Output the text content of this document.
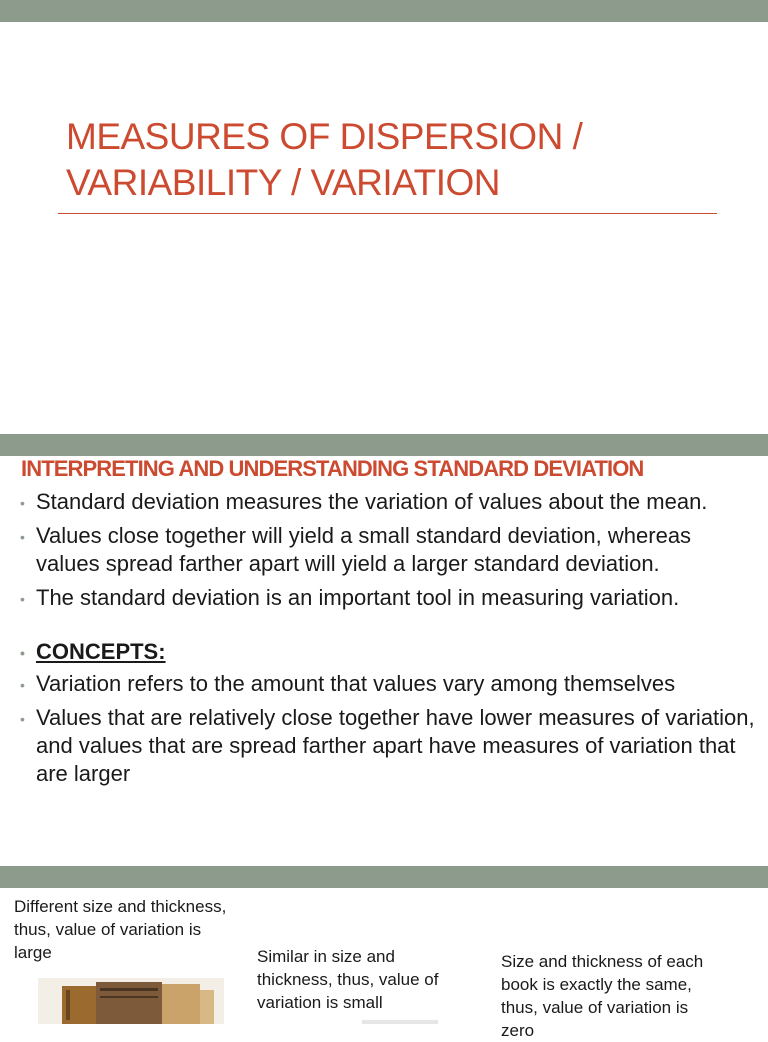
MEASURES OF DISPERSION /
VARIABILITY / VARIATION
INTERPRETING AND UNDERSTANDING STANDARD DEVIATION
• Standard deviation measures the variation of values about the mean.
• Values close together will yield a small standard deviation, whereas values spread farther apart will yield a larger standard deviation.
• The standard deviation is an important tool in measuring variation.
• CONCEPTS:
• Variation refers to the amount that values vary among themselves
• Values that are relatively close together have lower measures of variation, and values that are spread farther apart have measures of variation that are larger

Different size and thickness, thus, value of variation is large	Similar in size and thickness, thus, value of variation is small

Size and thickness of each book is exactly the same, thus, value of variation is zero
